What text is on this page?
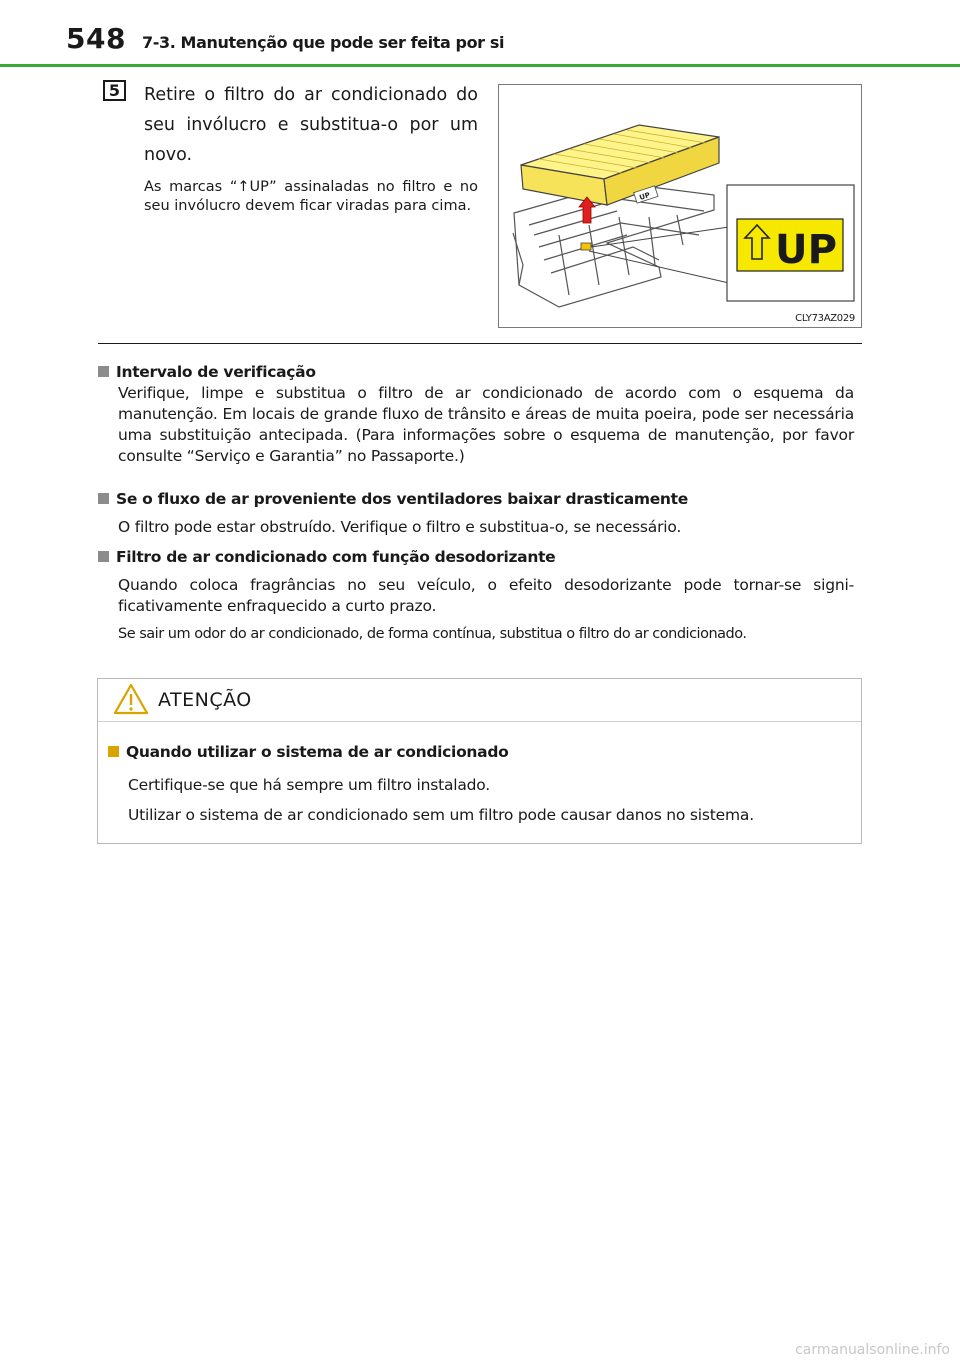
548 7-3. Manutenção que pode ser feita por si
5	Retire o filtro do ar condicionado do
seu invólucro e substitua-o por um
novo.
As marcas “↑UP” assinaladas no filtro e no seu invólucro devem ficar viradas para cima.
UP
UP
CLY73AZ029
Intervalo de verificação

Verifique, limpe e substitua o filtro de ar condicionado de acordo com o esquema da manutenção. Em locais de grande fluxo de trânsito e áreas de muita poeira, pode ser necessária uma substituição antecipada. (Para informações sobre o esquema de manutenção, por favor consulte “Serviço e Garantia” no Passaporte.)

Se o fluxo de ar proveniente dos ventiladores baixar drasticamente

O filtro pode estar obstruído. Verifique o filtro e substitua-o, se necessário.

Filtro de ar condicionado com função desodorizante

Quando coloca fragrâncias no seu veículo, o efeito desodorizante pode tornar-se signi-ficativamente enfraquecido a curto prazo.

Se sair um odor do ar condicionado, de forma contínua, substitua o filtro do ar condicionado.

ATENÇÃO
Quando utilizar o sistema de ar condicionado

Certifique-se que há sempre um filtro instalado.

Utilizar o sistema de ar condicionado sem um filtro pode causar danos no sistema.

carmanualsonline.info
